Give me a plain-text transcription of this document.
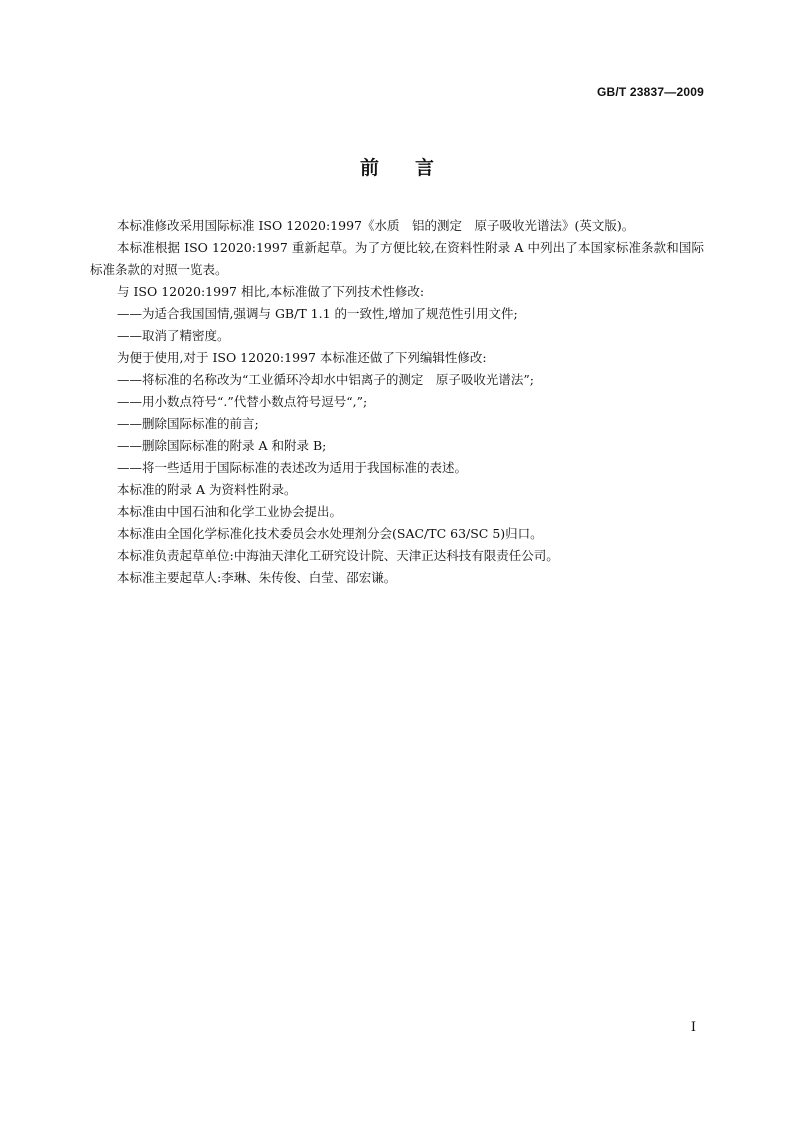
GB/T 23837—2009
前言

本标准修改采用国际标准 ISO 12020:1997《水质　铝的测定　原子吸收光谱法》(英文版)。

本标准根据 ISO 12020:1997 重新起草。为了方便比较,在资料性附录 A 中列出了本国家标准条款和国际标准条款的对照一览表。

与 ISO 12020:1997 相比,本标准做了下列技术性修改:

——为适合我国国情,强调与 GB/T 1.1 的一致性,增加了规范性引用文件;

——取消了精密度。

为便于使用,对于 ISO 12020:1997 本标准还做了下列编辑性修改:

——将标准的名称改为“工业循环冷却水中铝离子的测定　原子吸收光谱法”;

——用小数点符号“.”代替小数点符号逗号“,”;

——删除国际标准的前言;

——删除国际标准的附录 A 和附录 B;

——将一些适用于国际标准的表述改为适用于我国标准的表述。

本标准的附录 A 为资料性附录。

本标准由中国石油和化学工业协会提出。

本标准由全国化学标准化技术委员会水处理剂分会(SAC/TC 63/SC 5)归口。

本标准负责起草单位:中海油天津化工研究设计院、天津正达科技有限责任公司。

本标准主要起草人:李琳、朱传俊、白莹、邵宏谦。

I
